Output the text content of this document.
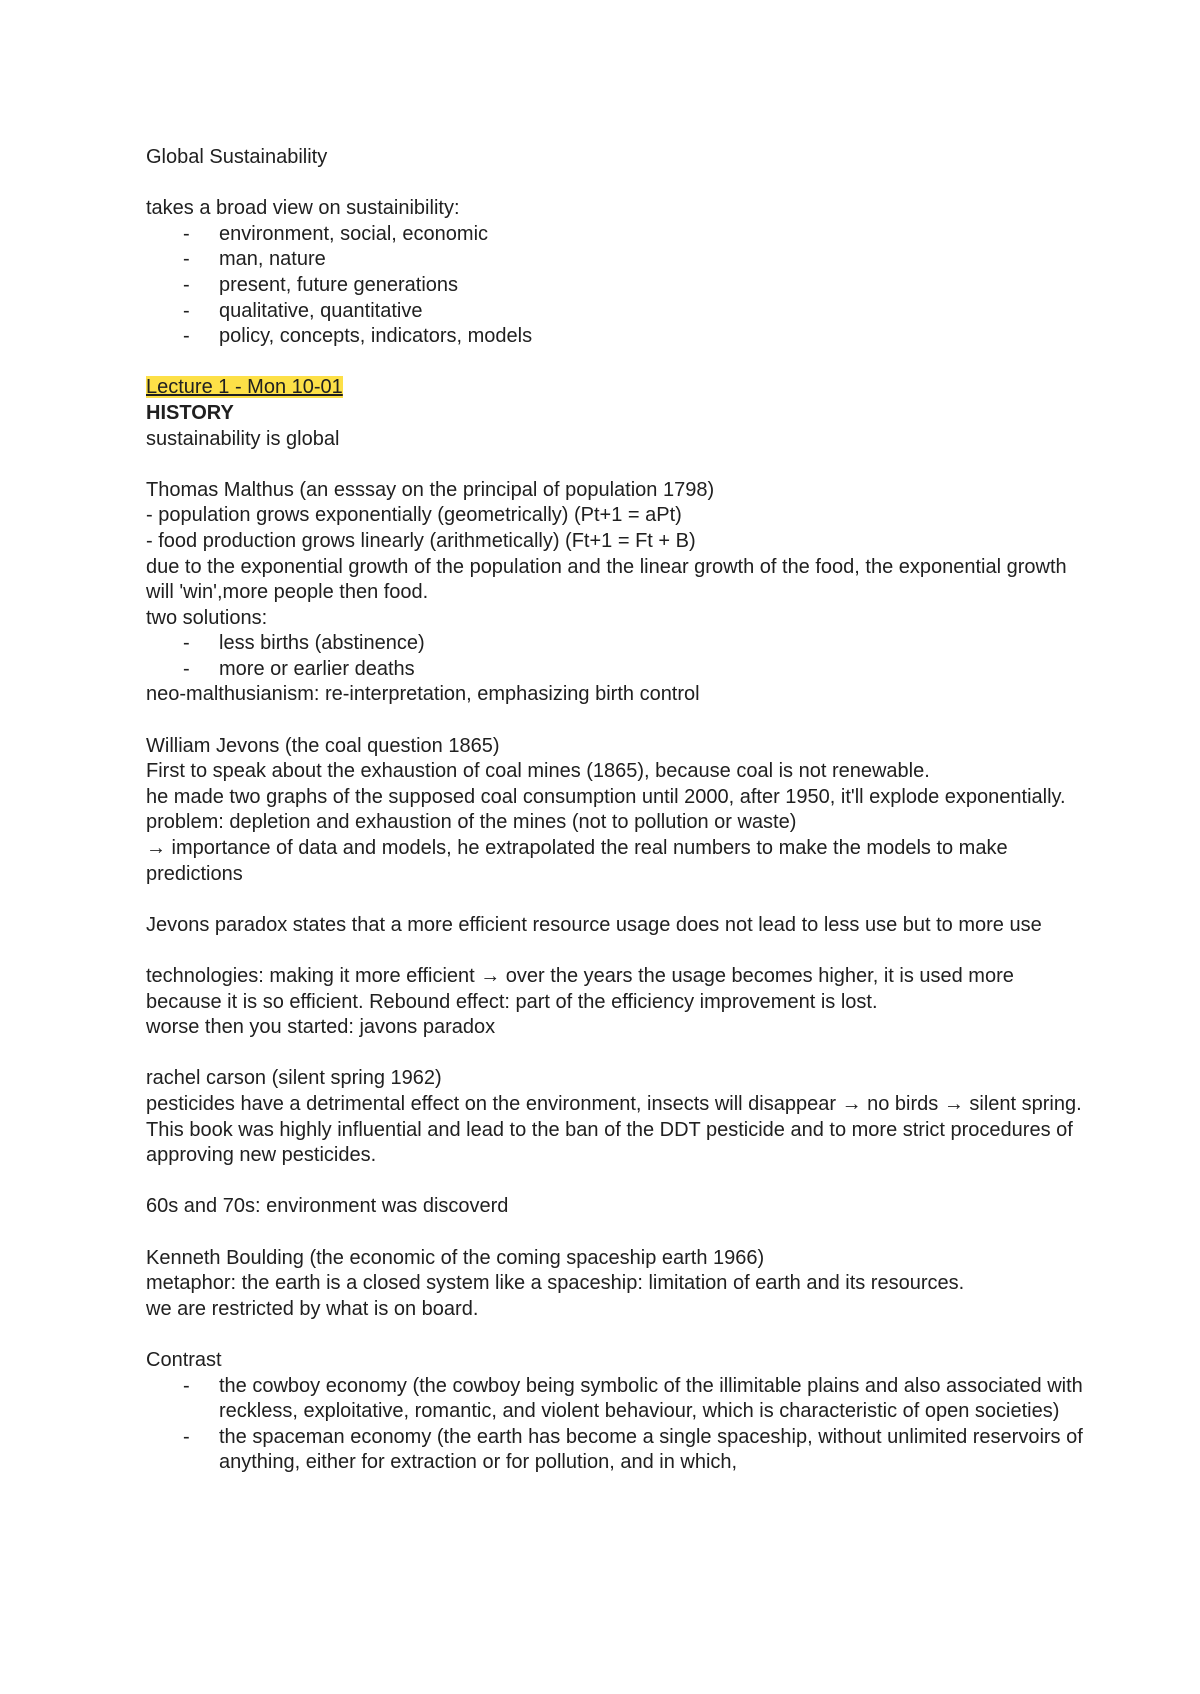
Global Sustainability
takes a broad view on sustainibility:
-	environment, social, economic
-	man, nature
-	present, future generations
-	qualitative, quantitative
-	policy, concepts, indicators, models
Lecture 1 - Mon 10-01
HISTORY
sustainability is global
Thomas Malthus (an esssay on the principal of population 1798)
- population grows exponentially (geometrically) (Pt+1 = aPt)
- food production grows linearly (arithmetically) (Ft+1 = Ft + B)
due to the exponential growth of the population and the linear growth of the food, the exponential growth will 'win',more people then food.
two solutions:
-	less births (abstinence)
-	more or earlier deaths
neo-malthusianism: re-interpretation, emphasizing birth control
William Jevons (the coal question 1865)
First to speak about the exhaustion of coal mines (1865), because coal is not renewable.
he made two graphs of the supposed coal consumption until 2000, after 1950, it'll explode exponentially.
problem: depletion and exhaustion of the mines (not to pollution or waste)
→ importance of data and models, he extrapolated the real numbers to make the models to make predictions
Jevons paradox states that a more efficient resource usage does not lead to less use but to more use
technologies: making it more efficient → over the years the usage becomes higher, it is used more because it is so efficient. Rebound effect: part of the efficiency improvement is lost.
worse then you started: javons paradox
rachel carson (silent spring 1962)
pesticides have a detrimental effect on the environment, insects will disappear → no birds → silent spring. This book was highly influential and lead to the ban of the DDT pesticide and to more strict procedures of approving new pesticides.
60s and 70s: environment was discoverd
Kenneth Boulding (the economic of the coming spaceship earth 1966)
metaphor: the earth is a closed system like a spaceship: limitation of earth and its resources.
we are restricted by what is on board.
Contrast
-	the cowboy economy (the cowboy being symbolic of the illimitable plains and also associated with reckless, exploitative, romantic, and violent behaviour, which is characteristic of open societies)
-	the spaceman economy (the earth has become a single spaceship, without unlimited reservoirs of anything, either for extraction or for pollution, and in which,
